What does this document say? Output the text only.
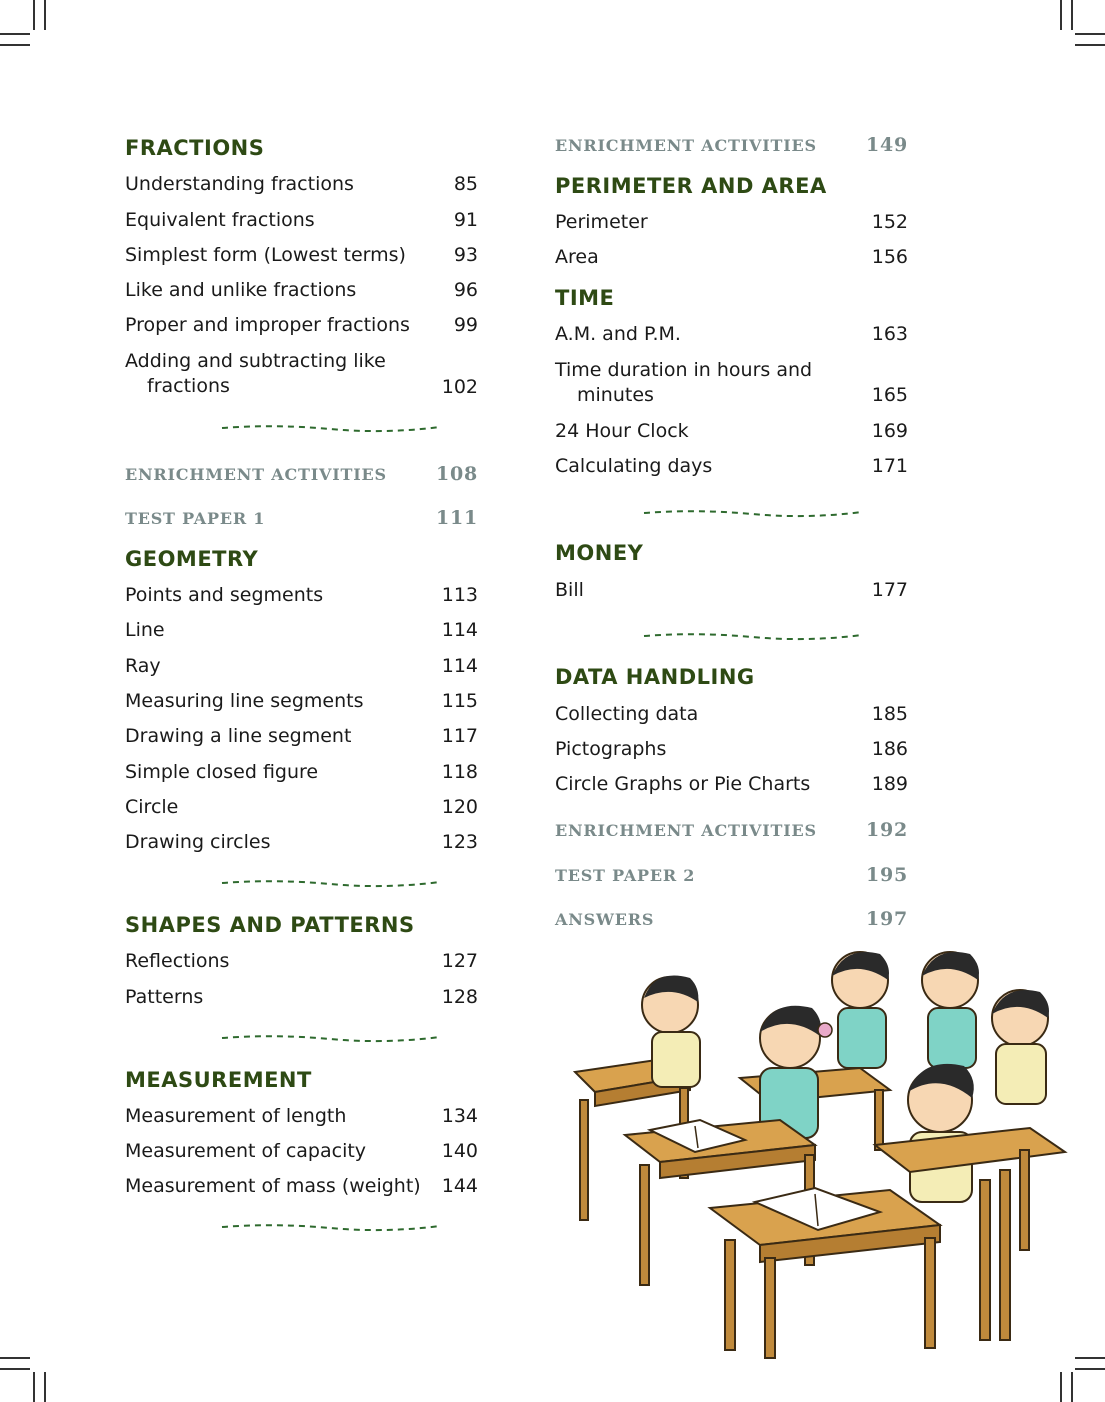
FRACTIONS
Understanding fractions	85
Equivalent fractions	91
Simplest form (Lowest terms)	93
Like and unlike fractions	96
Proper and improper fractions 99
Adding and subtracting like
fractions	102
ENRICHMENT ACTIVITIES	108
TEST PAPER 1	111
GEOMETRY
Points and segments	113
Line	114
Ray	114
Measuring line segments	115
Drawing a line segment	117
Simple closed figure	118
Circle	120
Drawing circles	123
SHAPES AND PATTERNS
Reflections	127
Patterns	128
MEASUREMENT
Measurement of length	134
Measurement of capacity	140
Measurement of mass (weight) 144
ENRICHMENT ACTIVITIES	149
PERIMETER AND AREA
Perimeter	152
Area	156
TIME
A.M. and P.M.	163
Time duration in hours and
minutes	165
24 Hour Clock	169
Calculating days	171
MONEY
Bill	177
DATA HANDLING
Collecting data	185
Pictographs	186
Circle Graphs or Pie Charts	189
ENRICHMENT ACTIVITIES	192
TEST PAPER 2	195
ANSWERS	197
